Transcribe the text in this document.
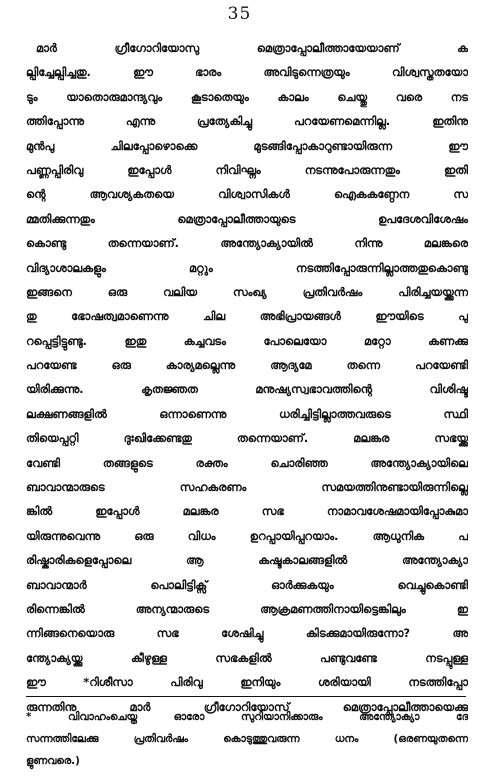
35
മാർ ഗ്രീഗോറിയോസു മെത്രാപ്പോലീത്തായേയാണ് ക
ല്പിച്ചേല്പിച്ചതു. ഈ ഭാരം അവിടുന്നെത്രയും വിശ്വസ്തതയോ
ടും യാതൊരുമാന്ദ്യവും കൂടാതെയും കാലം ചെയ്തു വരെ നട
ത്തിപ്പോന്നു എന്നു പ്രത്യേകിച്ചു പറയേണമെന്നില്ല. ഇതിനു
മുൻപു ചിലപ്പോഴൊക്കെ മുടങ്ങിപ്പോകാറുണ്ടായിരുന്ന ഈ
പണ്ണപ്പിരിവു ഇപ്പോൾ നിവിഘ്നം നടന്നുപോരുന്നതും ഇതി
ന്റെ ആവശ്യകതയെ വിശ്വാസികൾ ഐകകണ്ഠേന സ
മ്മതിക്കുന്നതും മെത്രാപ്പോലീത്തായുടെ ഉപദേശവിശേഷം
കൊണ്ടു തന്നെയാണ്. അന്ത്യോക്യായിൽ നിന്നു മലങ്കരെ
വിദ്യാശാലകളും മറ്റും നടത്തിപ്പോരുന്നില്ലാത്തതുകൊണ്ടു
ഇങ്ങനെ ഒരു വലിയ സംഖ്യ പ്രതിവർഷം പിരിച്ചയയ്ക്കുന്ന
തു ഭോഷത്വമാണെന്നു ചില അഭിപ്രായങ്ങൾ ഈയിടെ പു
റപ്പെട്ടിട്ടുണ്ടു. ഇതു കച്ചവടം പോലെയോ മറ്റോ കണക്കു
പറയേണ്ട ഒരു കാര്യമല്ലെന്നു ആദ്യമേ തന്നെ പറയേണ്ടി
യിരിക്കുന്നു. കൃതജ്ഞത മനുഷ്യസ്വഭാവത്തിന്റെ വിശിഷ്ട
ലക്ഷണങ്ങളിൽ ഒന്നാണെന്നു ധരിച്ചിട്ടില്ലാത്തവരുടെ സ്ഥി
തിയെപ്പറ്റി ദുഃഖിക്കേണ്ടതു തന്നെയാണ്. മലങ്കര സഭയ്ക്കു
വേണ്ടി തങ്ങളുടെ രക്തം ചൊരിഞ്ഞ അന്ത്യോക്യായിലെ
ബാവാന്മാരുടെ സഹകരണം സമയത്തിനുണ്ടായിരുന്നില്ലെ
ങ്കിൽ ഇപ്പോൾ മലങ്കര സഭ നാമാവശേഷമായിപ്പോകുമാ
യിരുന്നുവെന്നു ഒരു വിധം ഉറപ്പായിപ്പറയാം. ആധുനിക പ
രിഷ്കാരികളെപ്പോലെ ആ കഷ്ടകാലങ്ങളിൽ അന്ത്യോക്യാ
ബാവാന്മാർ പൊലിട്ടിക്സ് ഓർക്കുകയും വെച്ചുകൊണ്ടി
രിന്നെങ്കിൽ അന്യന്മാരുടെ ആക്രമണത്തിനായിട്ടെങ്കിലും ഇ
ന്നിങ്ങനെയൊരു സഭ ശേഷിച്ചു കിടക്കുമായിരുന്നോ? അ
ന്ത്യോക്യയ്ക്കു കീഴുള്ള സഭകളിൽ പണ്ടുവണ്ടേ നടപ്പുള്ള
ഈ *റിശീസാ പിരിവു ഇനിയും ശരിയായി നടത്തിപ്പോ
രുന്നതിനു മാർ ഗ്രീഗോറിയോസ് മെത്രാപ്പോലീത്തായെക്കു
* വിവാഹംചെയ്ത ഓരോ സുറിയാനിക്കാരും അന്ത്യോക്യാ ദേ
സന്നത്തിലേക്കു പ്രതിവർഷം കൊടുത്തുവരുന്ന ധനം (ഒരണയുതന്നെ
ളുണവരെ.)
